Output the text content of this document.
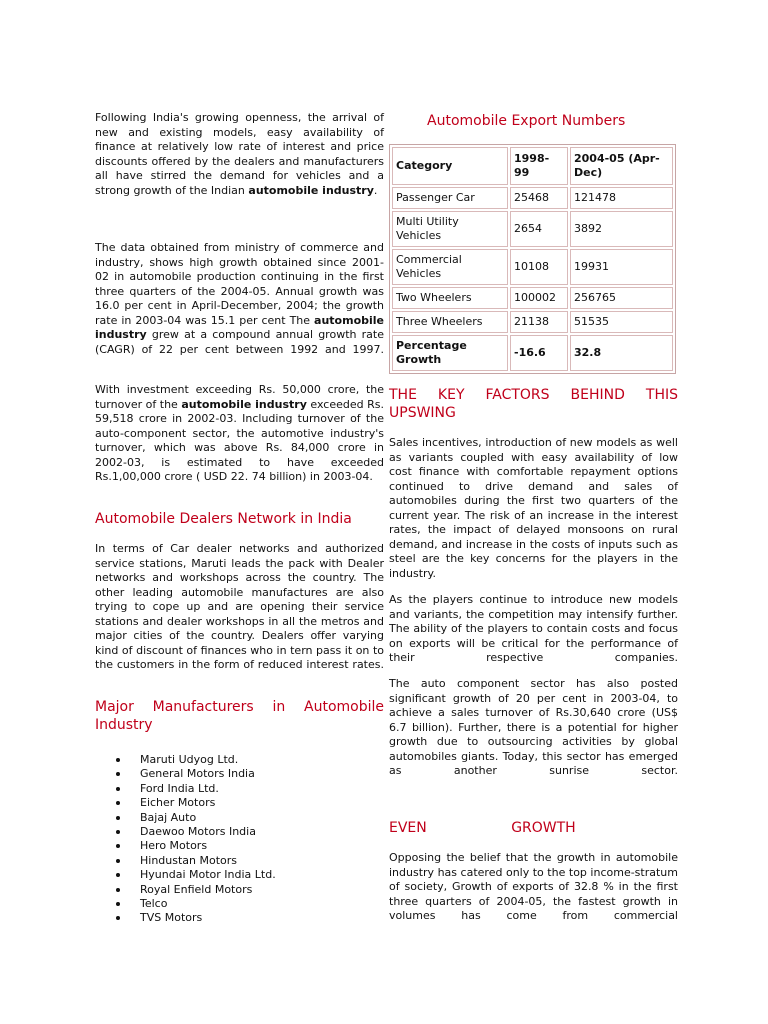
Following India's growing openness, the arrival of new and existing models, easy availability of finance at relatively low rate of interest and price discounts offered by the dealers and manufacturers all have stirred the demand for vehicles and a strong growth of the Indian automobile industry.

The data obtained from ministry of commerce and industry, shows high growth obtained since 2001-02 in automobile production continuing in the first three quarters of the 2004-05. Annual growth was 16.0 per cent in April-December, 2004; the growth rate in 2003-04 was 15.1 per cent The automobile industry grew at a compound annual growth rate (CAGR) of 22 per cent between 1992 and 1997.

With investment exceeding Rs. 50,000 crore, the turnover of the automobile industry exceeded Rs. 59,518 crore in 2002-03. Including turnover of the auto-component sector, the automotive industry's turnover, which was above Rs. 84,000 crore in 2002-03, is estimated to have exceeded Rs.1,00,000 crore ( USD 22. 74 billion) in 2003-04.

Automobile Dealers Network in India

In terms of Car dealer networks and authorized service stations, Maruti leads the pack with Dealer networks and workshops across the country. The other leading automobile manufactures are also trying to cope up and are opening their service stations and dealer workshops in all the metros and major cities of the country. Dealers offer varying kind of discount of finances who in tern pass it on to the customers in the form of reduced interest rates.

Major Manufacturers in Automobile Industry
Maruti Udyog Ltd.
General Motors India
Ford India Ltd.
Eicher Motors
Bajaj Auto
Daewoo Motors India
Hero Motors
Hindustan Motors
Hyundai Motor India Ltd.
Royal Enfield Motors
Telco
TVS Motors
Automobile Export Numbers
Category	1998-99	2004-05 (Apr-Dec)
Passenger Car	25468	121478
Multi Utility Vehicles	2654	3892
Commercial Vehicles	10108	19931
Two Wheelers	100002	256765
Three Wheelers	21138	51535
Percentage Growth	-16.6	32.8
THE KEY FACTORS BEHIND THIS UPSWING

Sales incentives, introduction of new models as well as variants coupled with easy availability of low cost finance with comfortable repayment options continued to drive demand and sales of automobiles during the first two quarters of the current year. The risk of an increase in the interest rates, the impact of delayed monsoons on rural demand, and increase in the costs of inputs such as steel are the key concerns for the players in the industry.

As the players continue to introduce new models and variants, the competition may intensify further. The ability of the players to contain costs and focus on exports will be critical for the performance of their respective companies.

The auto component sector has also posted significant growth of 20 per cent in 2003-04, to achieve a sales turnover of Rs.30,640 crore (US$ 6.7 billion). Further, there is a potential for higher growth due to outsourcing activities by global automobiles giants. Today, this sector has emerged as another sunrise sector.

EVEN GROWTH

Opposing the belief that the growth in automobile industry has catered only to the top income-stratum of society, Growth of exports of 32.8 % in the first three quarters of 2004-05, the fastest growth in volumes has come from commercial
